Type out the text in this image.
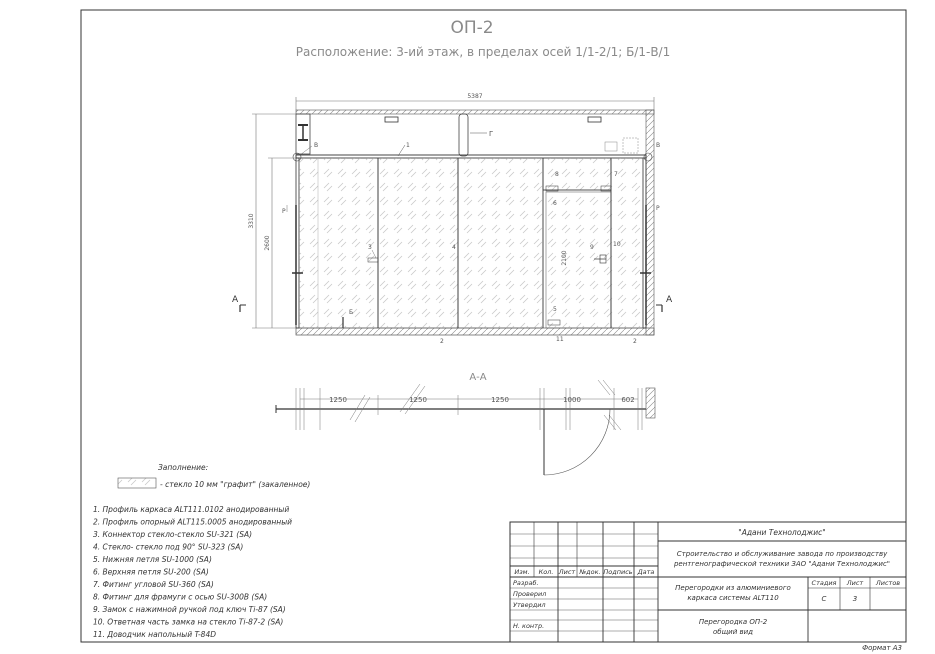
ОП-2
Расположение: 3-ий этаж, в пределах осей 1/1-2/1; Б/1-В/1
5387
Г
1
3	4
8
6
7
9	10
5
11
2	2
Б
В	В
3310
2600
Р	Р
2100
А	А
А-А
1250	1250	1250	1000	602
Заполнение:
- стекло 10 мм "графит" (закаленное)
1. Профиль каркаса ALT111.0102 анодированный
2. Профиль опорный ALT115.0005 анодированный
3. Коннектор стекло-стекло SU-321 (SA)
4. Стекло- стекло под 90° SU-323 (SA)
5. Нижняя петля SU-1000 (SA)
6. Верхняя петля SU-200 (SA)
7. Фитинг угловой SU-360 (SA)
8. Фитинг для фрамуги с осью SU-300B (SA)
9. Замок с нажимной ручкой под ключ Ti-87 (SA)
10. Ответная часть замка на стекло Ti-87-2 (SA)
11. Доводчик напольный T-84D
"Адани Технолоджис"
Строительство и обслуживание завода по производству
рентгенографической техники ЗАО "Адани Технолоджис"
Изм. Кол. Лист №док. Подпись Дата
Разраб.
Проверил
Утвердил
Н. контр.
Перегородки из алюминиевого
каркаса системы ALT110
Стадия Лист Листов
С	3
Перегородка ОП-2
общий вид
Формат А3
